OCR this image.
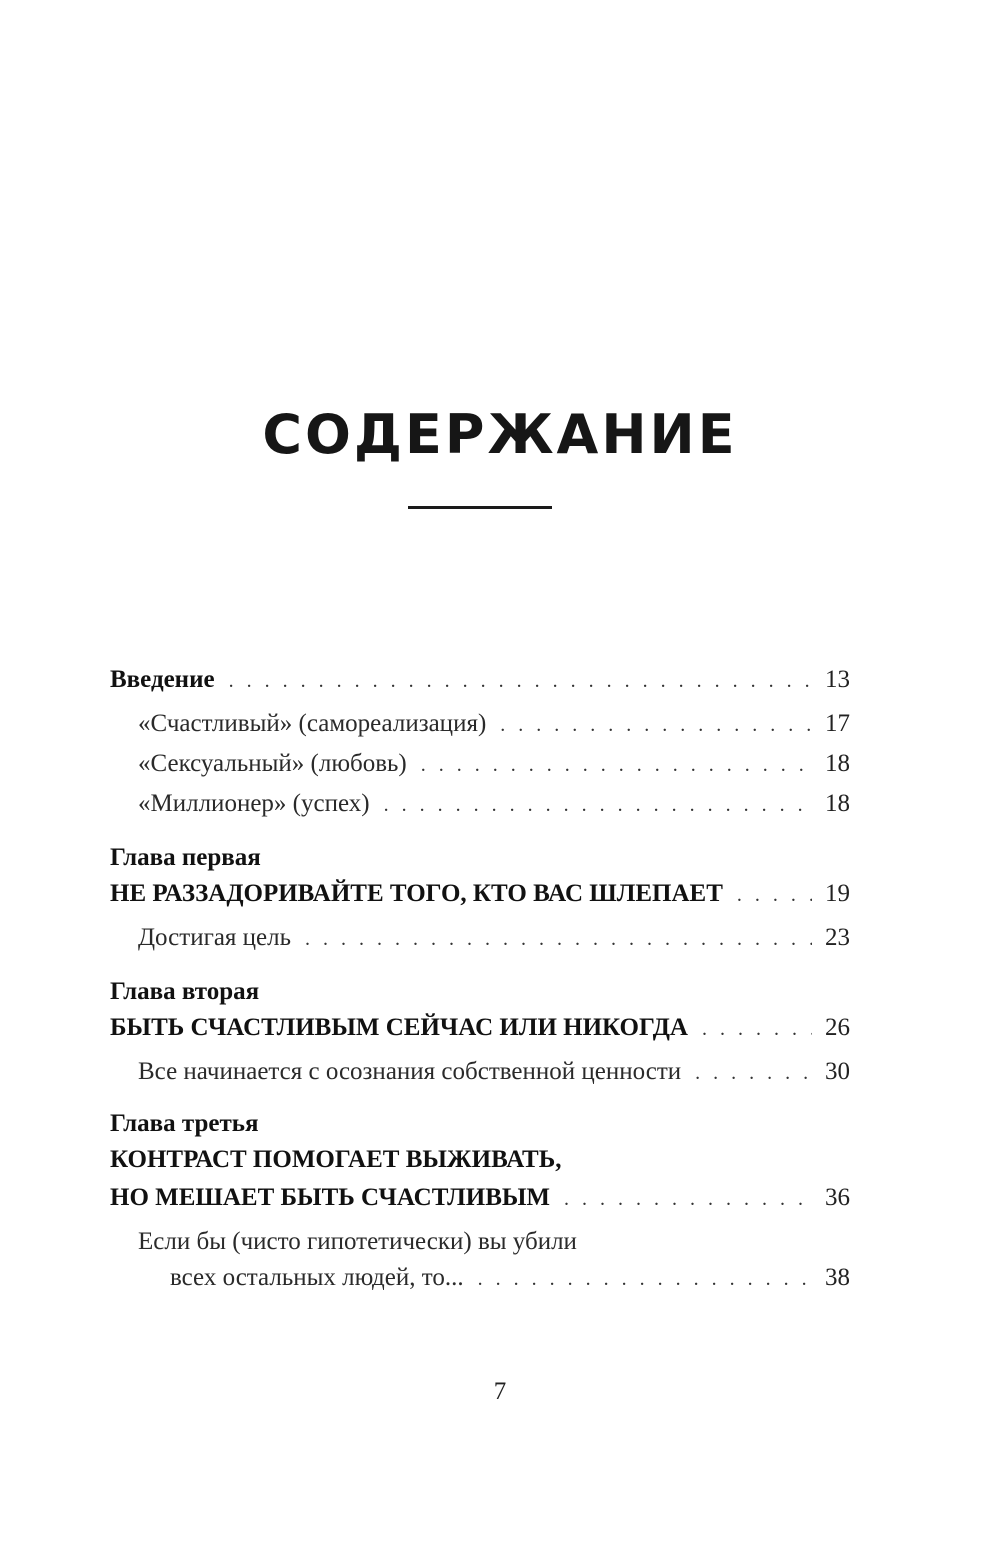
СОДЕРЖАНИЕ
Введение . . .	13
«Счастливый» (самореализация) . . .	17
«Сексуальный» (любовь) . . .	18
«Миллионер» (успех) . . .	18
Глава первая
НЕ РАЗЗАДОРИВАЙТЕ ТОГО, КТО ВАС ШЛЕПАЕТ . . .	19
Достигая цель . . .	23
Глава вторая
БЫТЬ СЧАСТЛИВЫМ СЕЙЧАС ИЛИ НИКОГДА . . .	26
Все начинается с осознания собственной ценности . . .	30
Глава третья
КОНТРАСТ ПОМОГАЕТ ВЫЖИВАТЬ,
НО МЕШАЕТ БЫТЬ СЧАСТЛИВЫМ . . .	36
Если бы (чисто гипотетически) вы убили
всех остальных людей, то... . . .	38
7
